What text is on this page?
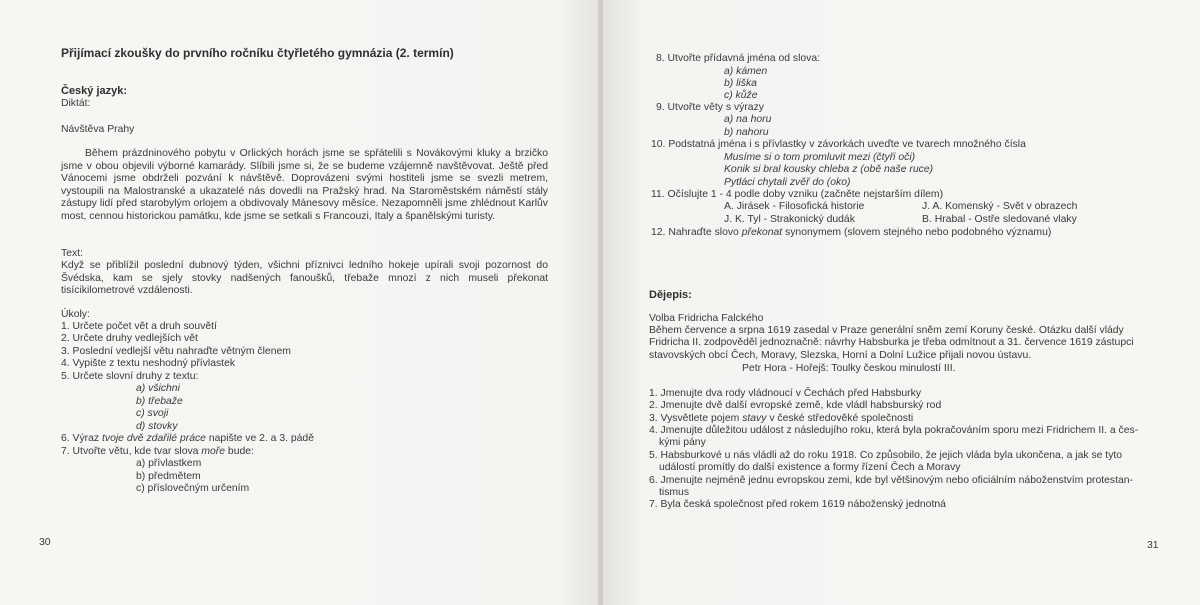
Přijímací zkoušky do prvního ročníku čtyřletého gymnázia (2. termín)
Český jazyk:
Diktát:
Návštěva Prahy
Během prázdninového pobytu v Orlických horách jsme se spřátelili s Novákovými kluky a brzičko jsme v obou objevili výborné kamarády. Slíbili jsme si, že se budeme vzájemně navštěvovat. Ještě před Vánocemi jsme obdrželi pozvání k návštěvě. Doprovázeni svými hostiteli jsme se svezli metrem, vystoupili na Malostranské a ukazatelé nás dovedli na Pražský hrad. Na Staroměstském náměstí stály zástupy lidí před starobylým orlojem a obdivovaly Mánesovy měsíce. Nezapomněli jsme zhlédnout Karlův most, cennou historickou památku, kde jsme se setkali s Francouzi, Italy a španělskými turisty.
Text:
Když se přiblížil poslední dubnový týden, všichni příznivci ledního hokeje upírali svoji pozornost do Švédska, kam se sjely stovky nadšených fanoušků, třebaže mnozí z nich museli překonat tisícikilometrové vzdálenosti.
Úkoly:
1. Určete počet vět a druh souvětí
2. Určete druhy vedlejších vět
3. Poslední vedlejší větu nahraďte větným členem
4. Vypište z textu neshodný přívlastek
5. Určete slovní druhy z textu:
a) všichni
b) třebaže
c) svoji
d) stovky
6. Výraz tvoje dvě zdařilé práce napište ve 2. a 3. pádě
7. Utvořte větu, kde tvar slova moře bude:
a) přívlastkem
b) předmětem
c) příslovečným určením
30
8. Utvořte přídavná jména od slova:
a) kámen
b) liška
c) kůže
9. Utvořte věty s výrazy
a) na horu
b) nahoru
10. Podstatná jména i s přívlastky v závorkách uveďte ve tvarech množného čísla
Musíme si o tom promluvit mezi (čtyři oči)
Konik si bral kousky chleba z (obě naše ruce)
Pytláci chytali zvěř do (oko)
11. Očíslujte 1 - 4 podle doby vzniku (začněte nejstarším dílem)
A. Jirásek - Filosofická historie	J. A. Komenský - Svět v obrazech
J. K. Tyl - Strakonický dudák	B. Hrabal - Ostře sledované vlaky
12. Nahraďte slovo překonat synonymem (slovem stejného nebo podobného významu)
Dějepis:
Volba Fridricha Falckého
Během července a srpna 1619 zasedal v Praze generální sněm zemí Koruny české. Otázku další vlády
Fridricha II. zodpověděl jednoznačně: návrhy Habsburka je třeba odmítnout a 31. července 1619 zástupci
stavovských obcí Čech, Moravy, Slezska, Horní a Dolní Lužice přijali novou ústavu.
Petr Hora - Hořejš: Toulky českou minulostí III.
1. Jmenujte dva rody vládnoucí v Čechách před Habsburky
2. Jmenujte dvě další evropské země, kde vládl habsburský rod
3. Vysvětlete pojem stavy v české středověké společnosti
4. Jmenujte důležitou událost z následujího roku, která byla pokračováním sporu mezi Fridrichem II. a čes-
kými pány
5. Habsburkové u nás vládli až do roku 1918. Co způsobilo, že jejich vláda byla ukončena, a jak se tyto
událostí promítly do další existence a formy řízení Čech a Moravy
6. Jmenujte nejméně jednu evropskou zemi, kde byl většinovým nebo oficiálním náboženstvím protestan-
tismus
7. Byla česká společnost před rokem 1619 náboženský jednotná
31
